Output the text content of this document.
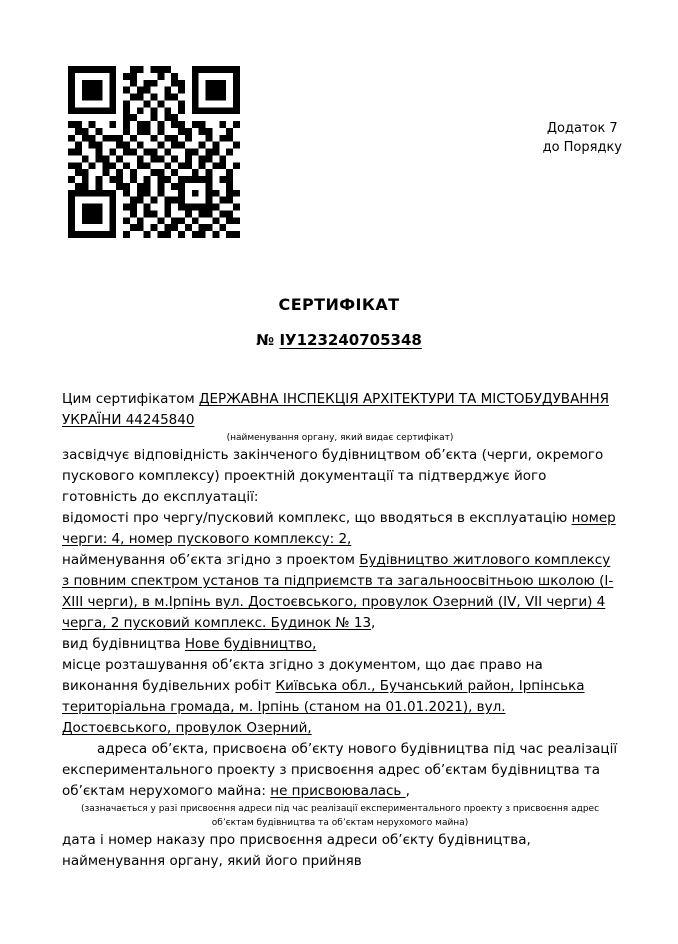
Додаток 7
до Порядку
СЕРТИФІКАТ
№ ІУ123240705348

Цим сертифікатом ДЕРЖАВНА ІНСПЕКЦІЯ АРХІТЕКТУРИ ТА МІСТОБУДУВАННЯ УКРАЇНИ 44245840

(найменування органу, який видає сертифікат)

засвідчує відповідність закінченого будівництвом об’єкта (черги, окремого пускового комплексу) проектній документації та підтверджує його готовність до експлуатації:

відомості про чергу/пусковий комплекс, що вводяться в експлуатацію номер черги: 4, номер пускового комплексу: 2,

найменування об’єкта згідно з проектом Будівництво житлового комплексу з повним спектром установ та підприємств та загальноосвітньою школою (I-XIII черги), в м.Ірпінь вул. Достоєвського, провулок Озерний (IV, VII черги) 4 черга, 2 пусковий комплекс. Будинок № 13,

вид будівництва Нове будівництво,

місце розташування об’єкта згідно з документом, що дає право на виконання будівельних робіт Київська обл., Бучанський район, Ірпінська територіальна громада, м. Ірпінь (станом на 01.01.2021), вул. Достоєвського, провулок Озерний,

адреса об’єкта, присвоєна об’єкту нового будівництва під час реалізації експериментального проекту з присвоєння адрес об’єктам будівництва та об’єктам нерухомого майна: не присвоювалась ,

(зазначається у разі присвоєння адреси під час реалізації експериментального проекту з присвоєння адрес об’єктам будівництва та об’єктам нерухомого майна)

дата і номер наказу про присвоєння адреси об’єкту будівництва, найменування органу, який його прийняв
